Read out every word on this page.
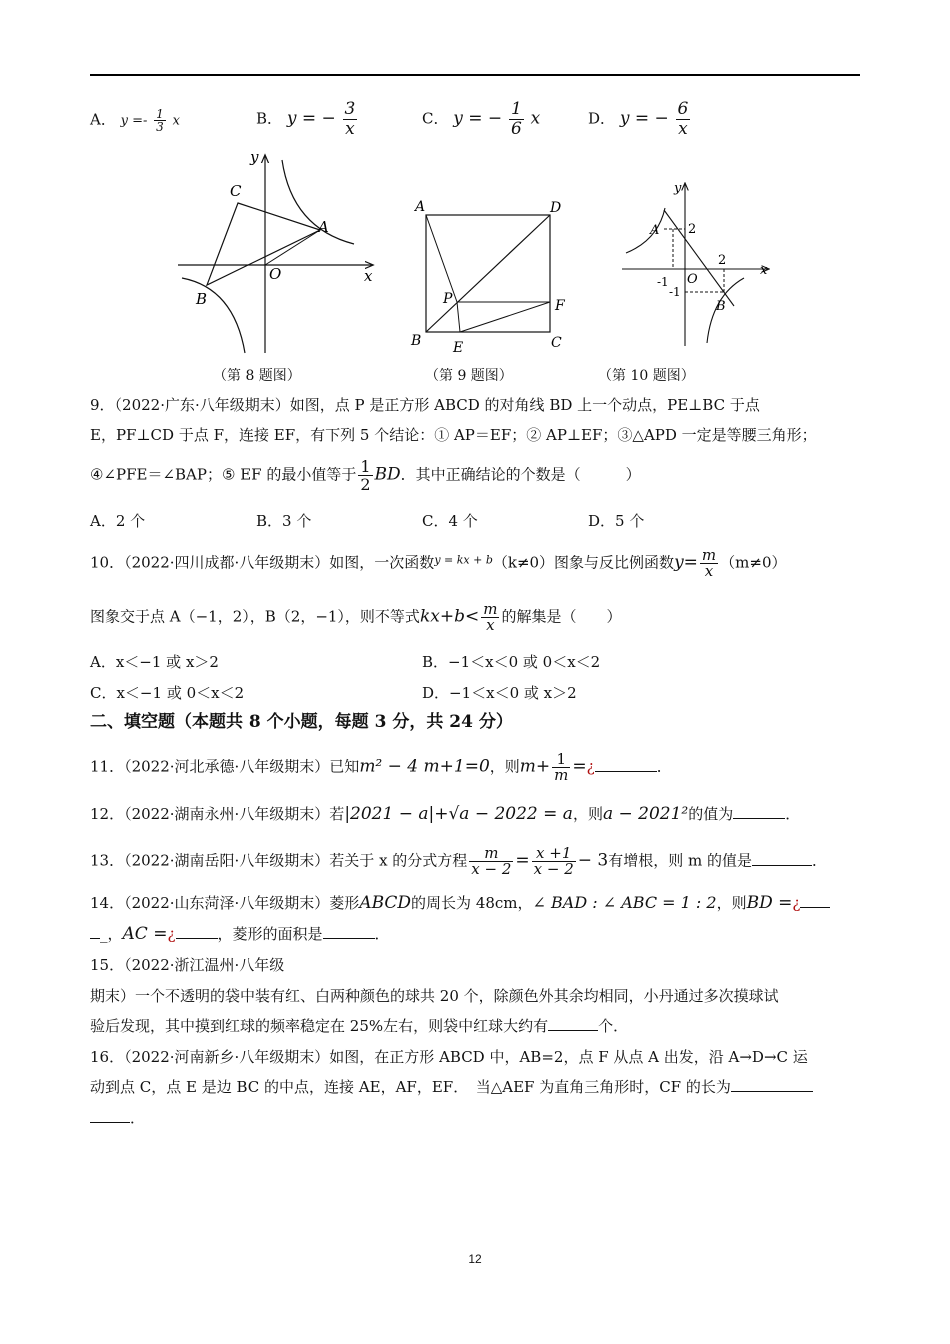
A． $y =- \frac{1}{3}$ x	B． y = − $\frac{3}{x}$	C． y = − $\frac{1}{6}$ x	D． y = − $\frac{6}{x}$
y
x
O
A
B
C
A	D
B	C
P	F
E
y
x
O
A
B
2
-1
2
-1
（第 8 题图）	（第 9 题图）	（第 10 题图）
9．（2022·广东·八年级期末）如图，点 P 是正方形 ABCD 的对角线 BD 上一个动点，PE⊥BC 于点
E，PF⊥CD 于点 F，连接 EF，有下列 5 个结论：① AP＝EF；② AP⊥EF；③△APD 一定是等腰三角形；
④∠PFE＝∠BAP；⑤ EF 的最小值等于 $\frac{1}{2}$ BD．其中正确结论的个数是（　　　）
A．2 个	B．3 个	C．4 个	D．5 个
10．（2022·四川成都·八年级期末）如图，一次函数$^{y = kx + b}$（k≠0）图象与反比例函数$y= \frac{m}{x} (m\ne 0)$
图象交于点 A（−1，2），B（2，−1），则不等式$kx+b< \frac{m}{x}$ 的解集是（　　）
A．x＜−1 或 x＞2	B．−1＜x＜0 或 0＜x＜2
C．x＜−1 或 0＜x＜2	D．−1＜x＜0 或 x＞2
二、填空题（本题共 8 个小题，每题 3 分，共 24 分）
11．（2022·河北承德·八年级期末）已知m² − 4 m+1=0，则$m+ \frac{1}{m}$ =¿	．
12．（2022·湖南永州·八年级期末）若|2021 − a|+√a − 2022 = a，则a − 2021²的值为	．
13．（2022·湖南岳阳·八年级期末）若关于 x 的分式方程 $\frac{m}{x - 2} = \frac{x +1}{x - 2} - 3$有增根，则 m 的值是	．
14．（2022·山东菏泽·八年级期末）菱形ABCD的周长为 48cm，∠ BAD : ∠ ABC = 1 : 2，则BD =¿
_，AC =¿	，菱形的面积是	．
15．（2022·浙江温州·八年级
期末）一个不透明的袋中装有红、白两种颜色的球共 20 个，除颜色外其余均相同，小丹通过多次摸球试
验后发现，其中摸到红球的频率稳定在 25%左右，则袋中红球大约有	个．
16．（2022·河南新乡·八年级期末）如图，在正方形 ABCD 中，AB=2，点 F 从点 A 出发，沿 A→D→C 运
动到点 C，点 E 是边 BC 的中点，连接 AE，AF，EF．　当△AEF 为直角三角形时，CF 的长为
．
12
